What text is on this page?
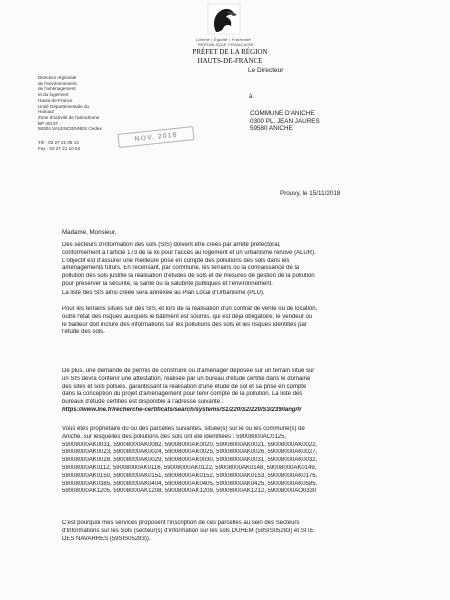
Liberté • Égalité • Fraternité
RÉPUBLIQUE FRANÇAISE
PRÉFET DE LA RÉGION
HAUTS-DE-FRANCE
Le Directeur
Direction régionale
de l'environnement,
de l'aménagement
et du logement
Hauts-de-France
Unité Départementale du
Hainaut
Zone d'activité de l'aérodrome
BP 40137
59304 VALENCIENNES Cedex
Tél : 03 27 21 05 13
Fax : 03 27 21 10 54
NOV. 2018
à
COMMUNE D'ANICHE
0300 PL. JEAN JAURES
59580 ANICHE
Prouvy, le 15/11/2018
Madame, Monsieur,
Des secteurs d'information des sols (SIS) doivent être créés par arrêté préfectoral,
conformément à l'article 173 de la loi pour l'accès au logement et un urbanisme rénové (ALUR).
L'objectif est d'assurer une meilleure prise en compte des pollutions des sols dans les
aménagements futurs. En recensant, par commune, les terrains où la connaissance de la
pollution des sols justifie la réalisation d'études de sols et de mesures de gestion de la pollution
pour préserver la sécurité, la santé ou la salubrité publiques et l'environnement.
La liste des SIS ainsi créée sera annexée au Plan Local d'Urbanisme (PLU).
Pour les terrains situés sur des SIS, et lors de la réalisation d'un contrat de vente ou de location,
outre l'état des risques auxquels le bâtiment est soumis, qui est déjà obligatoire, le vendeur ou
le bailleur doit inclure des informations sur les pollutions des sols et les risques identifiés par
l'étude des sols.
De plus, une demande de permis de construire ou d'aménager déposée sur un terrain situé sur
un SIS devra contenir une attestation, réalisée par un bureau d'étude certifié dans le domaine
des sites et sols pollués, garantissant la réalisation d'une étude de sol et sa prise en compte
dans la conception du projet d'aménagement pour tenir compte de la pollution. La liste des
bureaux d'étude certifiés est disponible à l'adresse suivante :
https://www.lne.fr/recherche-certificats/search/systems/S1/220/S2/220/S3/239/lang/fr
Vous êtes propriétaire du ou des parcelles suivantes, située(s) sur le ou les commune(s) de
Aniche, sur lesquelles des pollutions des sols ont été identifiées : 59008000AC0125,
59008000AK0031, 59008000AK0082, 59008000AK0020, 59008000AK0021, 59008000AK0022,
59008000AK0023, 59008000AK0024, 59008000AK0025, 59008000AK0026, 59008000AK0027,
59008000AK0028, 59008000AK0029, 59008000AK0030, 59008000AK0031, 59008000AK0032,
59008000AK0112, 59008000AK0116, 59008000AK0122, 59008000AK0148, 59008000AK0149,
59008000AK0150, 59008000AK0151, 59008000AK0152, 59008000AK0153, 59008000AK0176,
59008000AK0385, 59008000AK0404, 59008000AK0405, 59008000AK0425, 59008000AK0585,
59008000AK1205, 59008000AK1208, 59008000AK1209, 59008000AK1212, 59008000AO0330
C'est pourquoi mes services proposent l'inscription de ces parcelles au sein des Secteurs
d'Informations sur les Sols (secteur(s) d'information sur les sols DUHEM (59SIS05283) et SITE
DES NAVARRES (59SIS05283)).
